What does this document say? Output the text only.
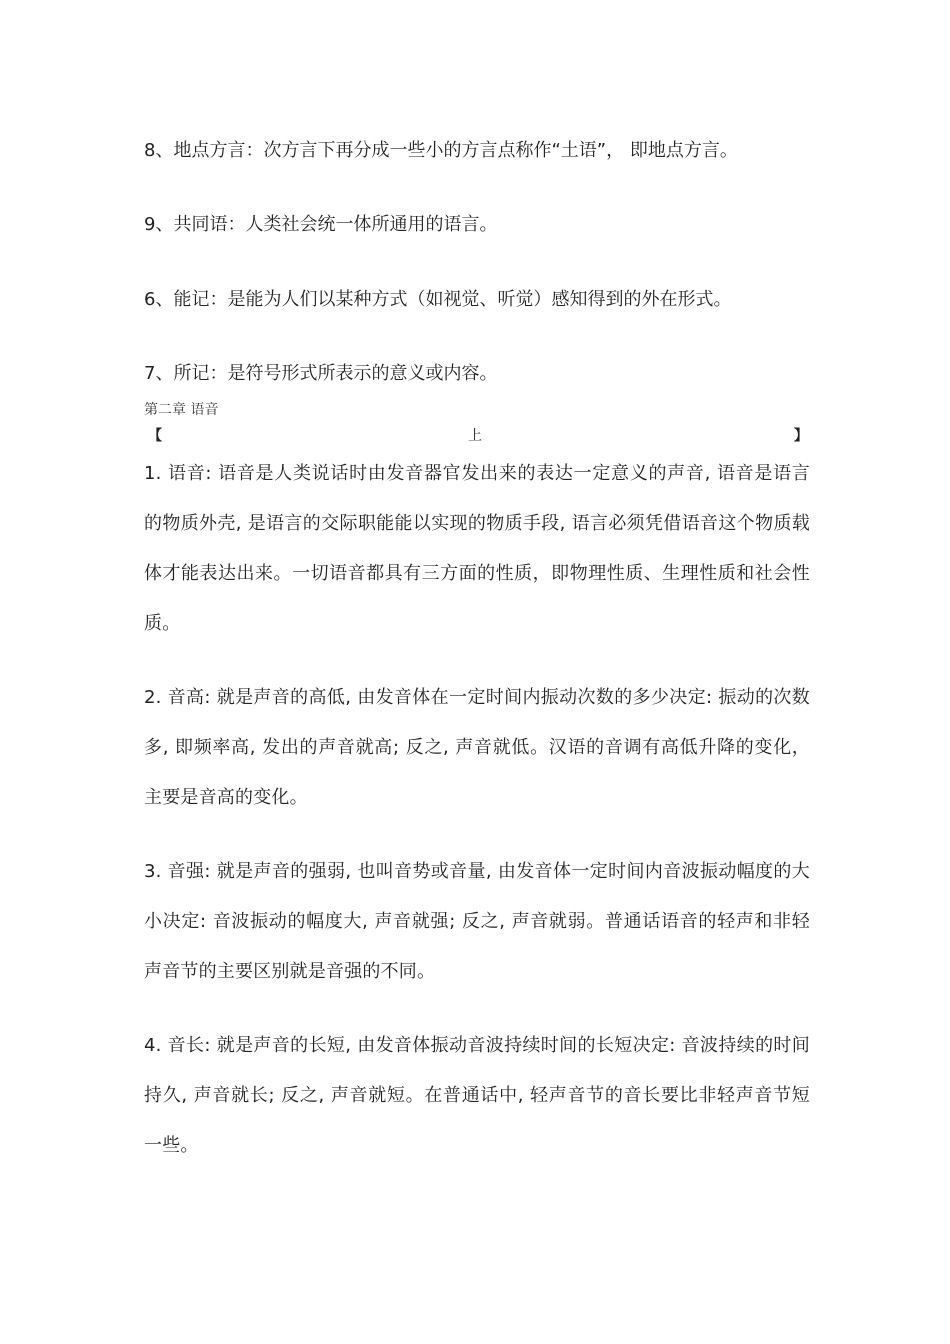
8、地点方言：次方言下再分成一些小的方言点称作“土语”， 即地点方言。
9、共同语：人类社会统一体所通用的语言。
6、能记：是能为人们以某种方式（如视觉、听觉）感知得到的外在形式。
7、所记：是符号形式所表示的意义或内容。
第二章 语音
【	上	】

1. 语音: 语音是人类说话时由发音器官发出来的表达一定意义的声音, 语音是语言的物质外壳, 是语言的交际职能能以实现的物质手段, 语言必须凭借语音这个物质载体才能表达出来。一切语音都具有三方面的性质，即物理性质、生理性质和社会性质。

2. 音高: 就是声音的高低, 由发音体在一定时间内振动次数的多少决定: 振动的次数多, 即频率高, 发出的声音就高; 反之, 声音就低。汉语的音调有高低升降的变化，主要是音高的变化。

3. 音强: 就是声音的强弱, 也叫音势或音量, 由发音体一定时间内音波振动幅度的大小决定: 音波振动的幅度大, 声音就强; 反之, 声音就弱。普通话语音的轻声和非轻声音节的主要区别就是音强的不同。

4. 音长: 就是声音的长短, 由发音体振动音波持续时间的长短决定: 音波持续的时间持久, 声音就长; 反之, 声音就短。在普通话中, 轻声音节的音长要比非轻声音节短一些。
